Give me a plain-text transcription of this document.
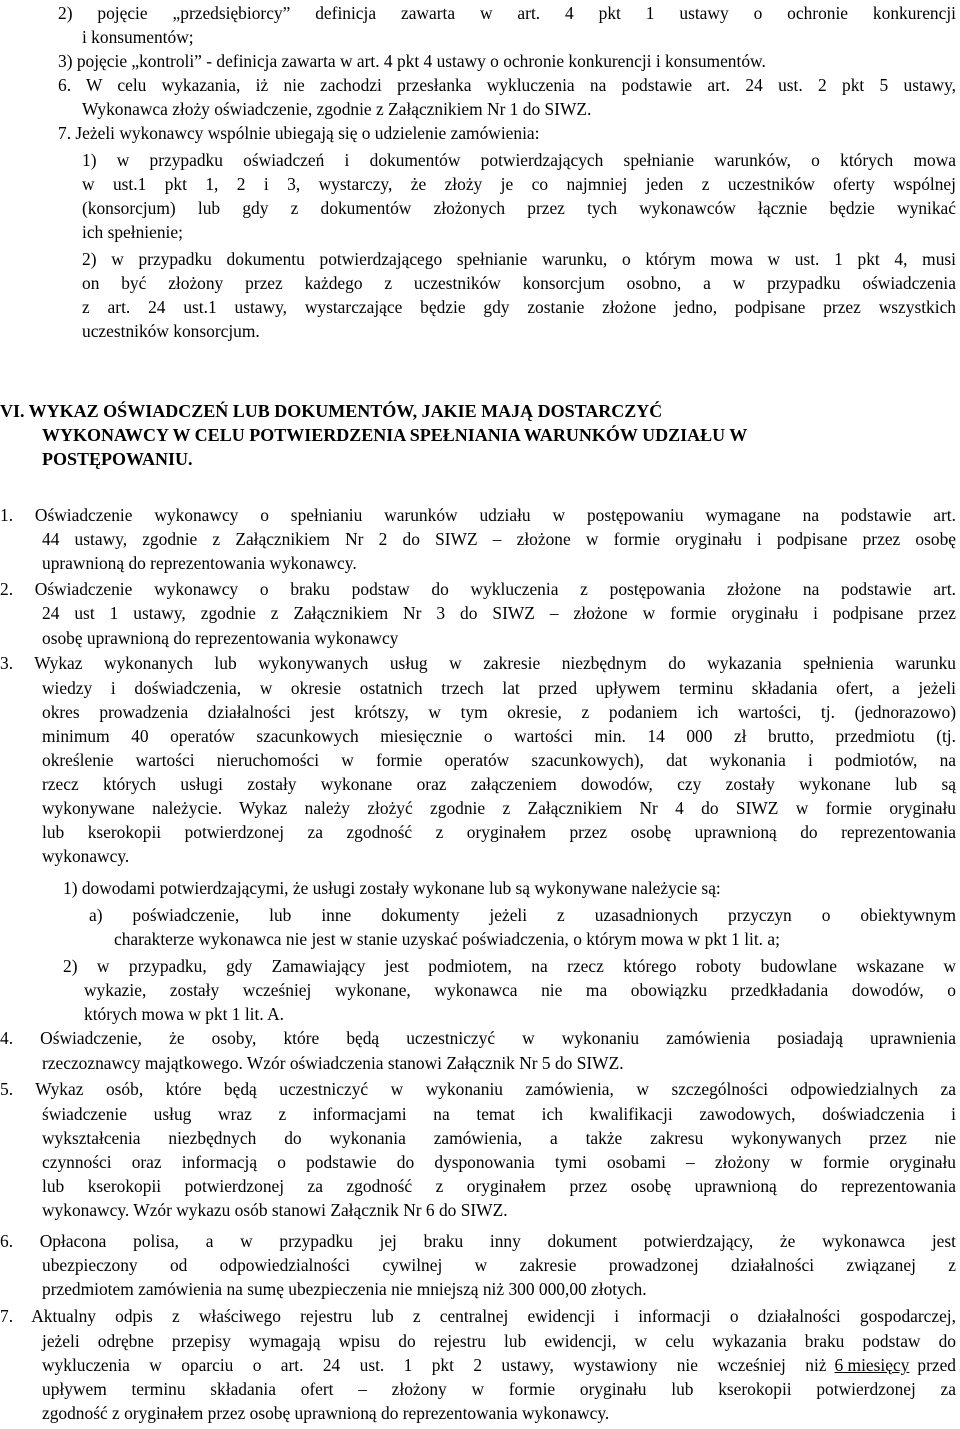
2) pojęcie „przedsiębiorcy” definicja zawarta w art. 4 pkt 1 ustawy o ochronie konkurencji
i konsumentów;
3) pojęcie „kontroli” - definicja zawarta w art. 4 pkt 4 ustawy o ochronie konkurencji i konsumentów.
6. W celu wykazania, iż nie zachodzi przesłanka wykluczenia na podstawie art. 24 ust. 2 pkt 5 ustawy,
Wykonawca złoży oświadczenie, zgodnie z Załącznikiem Nr 1 do SIWZ.
7. Jeżeli wykonawcy wspólnie ubiegają się o udzielenie zamówienia:
1) w przypadku oświadczeń i dokumentów potwierdzających spełnianie warunków, o których mowa
w ust.1 pkt 1, 2 i 3, wystarczy, że złoży je co najmniej jeden z uczestników oferty wspólnej
(konsorcjum) lub gdy z dokumentów złożonych przez tych wykonawców łącznie będzie wynikać
ich spełnienie;
2) w przypadku dokumentu potwierdzającego spełnianie warunku, o którym mowa w ust. 1 pkt 4, musi
on być złożony przez każdego z uczestników konsorcjum osobno, a w przypadku oświadczenia
z art. 24 ust.1 ustawy, wystarczające będzie gdy zostanie złożone jedno, podpisane przez wszystkich
uczestników konsorcjum.
VI. WYKAZ OŚWIADCZEŃ LUB DOKUMENTÓW, JAKIE MAJĄ DOSTARCZYĆ
WYKONAWCY W CELU POTWIERDZENIA SPEŁNIANIA WARUNKÓW UDZIAŁU W
POSTĘPOWANIU.
1. Oświadczenie wykonawcy o spełnianiu warunków udziału w postępowaniu wymagane na podstawie art.
44 ustawy, zgodnie z Załącznikiem Nr 2 do SIWZ – złożone w formie oryginału i podpisane przez osobę
uprawnioną do reprezentowania wykonawcy.
2. Oświadczenie wykonawcy o braku podstaw do wykluczenia z postępowania złożone na podstawie art.
24 ust 1 ustawy, zgodnie z Załącznikiem Nr 3 do SIWZ – złożone w formie oryginału i podpisane przez
osobę uprawnioną do reprezentowania wykonawcy
3. Wykaz wykonanych lub wykonywanych usług w zakresie niezbędnym do wykazania spełnienia warunku
wiedzy i doświadczenia, w okresie ostatnich trzech lat przed upływem terminu składania ofert, a jeżeli
okres prowadzenia działalności jest krótszy, w tym okresie, z podaniem ich wartości, tj. (jednorazowo)
minimum 40 operatów szacunkowych miesięcznie o wartości min. 14 000 zł brutto, przedmiotu (tj.
określenie wartości nieruchomości w formie operatów szacunkowych), dat wykonania i podmiotów, na
rzecz których usługi zostały wykonane oraz załączeniem dowodów, czy zostały wykonane lub są
wykonywane należycie. Wykaz należy złożyć zgodnie z Załącznikiem Nr 4 do SIWZ w formie oryginału
lub kserokopii potwierdzonej za zgodność z oryginałem przez osobę uprawnioną do reprezentowania
wykonawcy.
1) dowodami potwierdzającymi, że usługi zostały wykonane lub są wykonywane należycie są:
a) poświadczenie, lub inne dokumenty jeżeli z uzasadnionych przyczyn o obiektywnym
charakterze wykonawca nie jest w stanie uzyskać poświadczenia, o którym mowa w pkt 1 lit. a;
2) w przypadku, gdy Zamawiający jest podmiotem, na rzecz którego roboty budowlane wskazane w
wykazie, zostały wcześniej wykonane, wykonawca nie ma obowiązku przedkładania dowodów, o
których mowa w pkt 1 lit. A.
4. Oświadczenie, że osoby, które będą uczestniczyć w wykonaniu zamówienia posiadają uprawnienia
rzeczoznawcy majątkowego. Wzór oświadczenia stanowi Załącznik Nr 5 do SIWZ.
5. Wykaz osób, które będą uczestniczyć w wykonaniu zamówienia, w szczególności odpowiedzialnych za
świadczenie usług wraz z informacjami na temat ich kwalifikacji zawodowych, doświadczenia i
wykształcenia niezbędnych do wykonania zamówienia, a także zakresu wykonywanych przez nie
czynności oraz informacją o podstawie do dysponowania tymi osobami – złożony w formie oryginału
lub kserokopii potwierdzonej za zgodność z oryginałem przez osobę uprawnioną do reprezentowania
wykonawcy. Wzór wykazu osób stanowi Załącznik Nr 6 do SIWZ.
6. Opłacona polisa, a w przypadku jej braku inny dokument potwierdzający, że wykonawca jest
ubezpieczony od odpowiedzialności cywilnej w zakresie prowadzonej działalności związanej z
przedmiotem zamówienia na sumę ubezpieczenia nie mniejszą niż 300 000,00 złotych.
7. Aktualny odpis z właściwego rejestru lub z centralnej ewidencji i informacji o działalności gospodarczej,
jeżeli odrębne przepisy wymagają wpisu do rejestru lub ewidencji, w celu wykazania braku podstaw do
wykluczenia w oparciu o art. 24 ust. 1 pkt 2 ustawy, wystawiony nie wcześniej niż 6 miesięcy przed
upływem terminu składania ofert – złożony w formie oryginału lub kserokopii potwierdzonej za
zgodność z oryginałem przez osobę uprawnioną do reprezentowania wykonawcy.
